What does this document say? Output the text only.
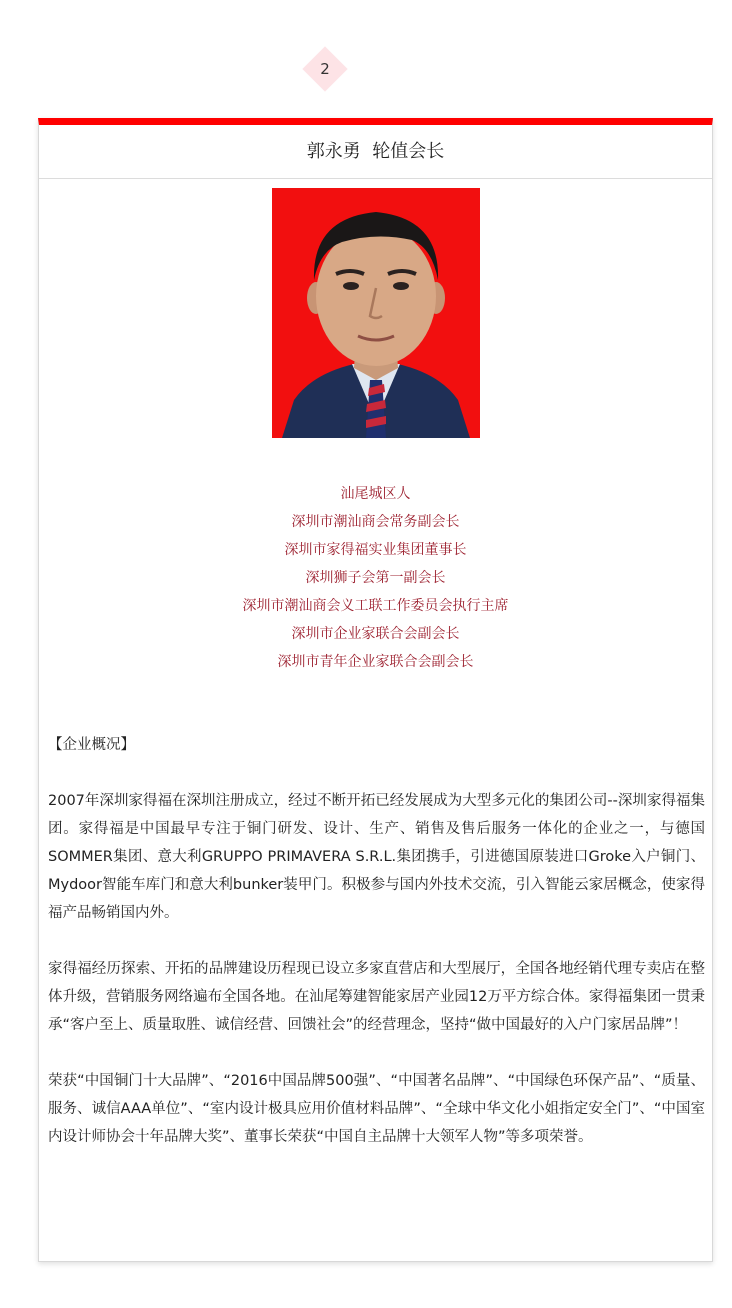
2
郭永勇  轮值会长
汕尾城区人
深圳市潮汕商会常务副会长
深圳市家得福实业集团董事长
深圳狮子会第一副会长
深圳市潮汕商会义工联工作委员会执行主席
深圳市企业家联合会副会长
深圳市青年企业家联合会副会长

【企业概况】

2007年深圳家得福在深圳注册成立，经过不断开拓已经发展成为大型多元化的集团公司--深圳家得福集团。家得福是中国最早专注于铜门研发、设计、生产、销售及售后服务一体化的企业之一，与德国SOMMER集团、意大利GRUPPO PRIMAVERA S.R.L.集团携手，引进德国原装进口Groke入户铜门、Mydoor智能车库门和意大利bunker装甲门。积极参与国内外技术交流，引入智能云家居概念，使家得福产品畅销国内外。

家得福经历探索、开拓的品牌建设历程现已设立多家直营店和大型展厅，全国各地经销代理专卖店在整体升级，营销服务网络遍布全国各地。在汕尾筹建智能家居产业园12万平方综合体。家得福集团一贯秉承“客户至上、质量取胜、诚信经营、回馈社会”的经营理念，坚持“做中国最好的入户门家居品牌”！

荣获“中国铜门十大品牌”、“2016中国品牌500强”、“中国著名品牌”、“中国绿色环保产品”、“质量、服务、诚信AAA单位”、“室内设计极具应用价值材料品牌”、“全球中华文化小姐指定安全门”、“中国室内设计师协会十年品牌大奖”、董事长荣获“中国自主品牌十大领军人物”等多项荣誉。
